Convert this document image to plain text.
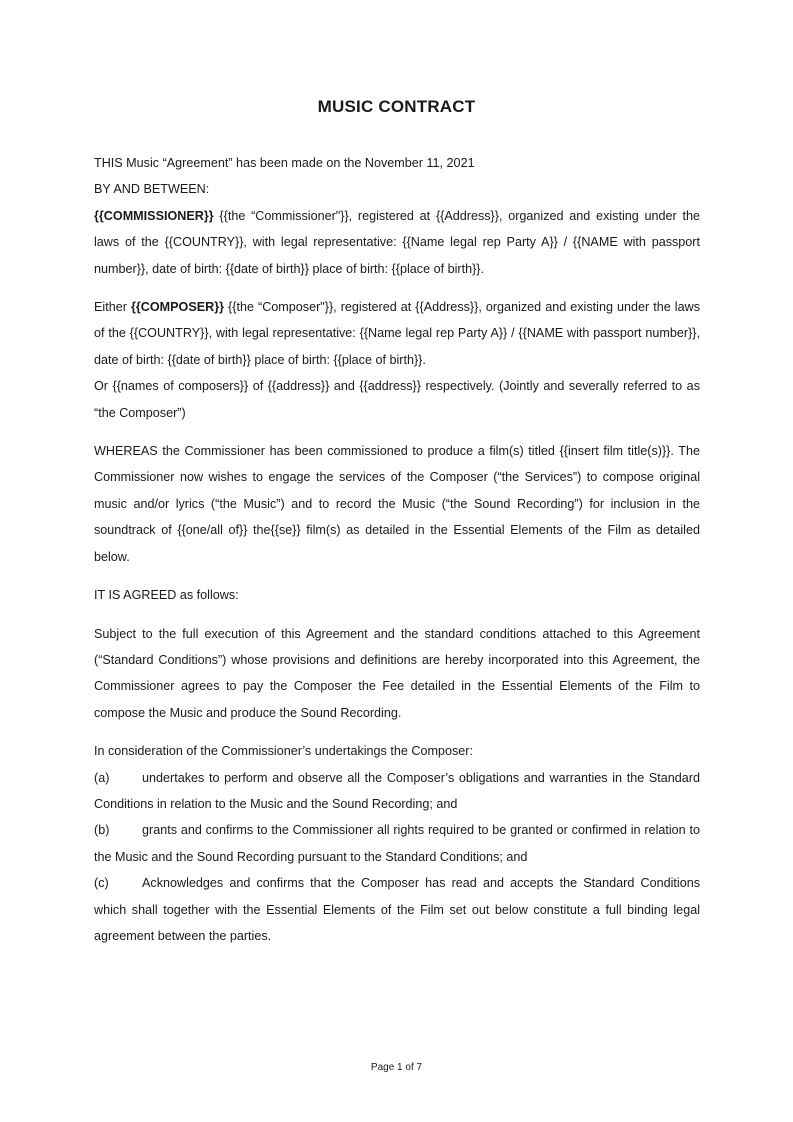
MUSIC CONTRACT

THIS Music “Agreement” has been made on the November 11, 2021

BY AND BETWEEN:

{{COMMISSIONER}} {{the “Commissioner"}}, registered at {{Address}}, organized and existing under the laws of the {{COUNTRY}}, with legal representative: {{Name legal rep Party A}} / {{NAME with passport number}}, date of birth: {{date of birth}} place of birth: {{place of birth}}.

Either {{COMPOSER}} {{the “Composer"}}, registered at {{Address}}, organized and existing under the laws of the {{COUNTRY}}, with legal representative: {{Name legal rep Party A}} / {{NAME with passport number}}, date of birth: {{date of birth}} place of birth: {{place of birth}}.

Or {{names of composers}} of {{address}} and {{address}} respectively. (Jointly and severally referred to as “the Composer”)

WHEREAS the Commissioner has been commissioned to produce a film(s) titled {{insert film title(s)}}. The Commissioner now wishes to engage the services of the Composer (“the Services”) to compose original music and/or lyrics (“the Music”) and to record the Music (“the Sound Recording”) for inclusion in the soundtrack of {{one/all of}} the{{se}} film(s) as detailed in the Essential Elements of the Film as detailed below.

IT IS AGREED as follows:

Subject to the full execution of this Agreement and the standard conditions attached to this Agreement (“Standard Conditions”) whose provisions and definitions are hereby incorporated into this Agreement, the Commissioner agrees to pay the Composer the Fee detailed in the Essential Elements of the Film to compose the Music and produce the Sound Recording.

In consideration of the Commissioner’s undertakings the Composer:

(a)	undertakes to perform and observe all the Composer’s obligations and warranties in the Standard Conditions in relation to the Music and the Sound Recording; and

(b)	grants and confirms to the Commissioner all rights required to be granted or confirmed in relation to the Music and the Sound Recording pursuant to the Standard Conditions; and

(c)	Acknowledges and confirms that the Composer has read and accepts the Standard Conditions which shall together with the Essential Elements of the Film set out below constitute a full binding legal agreement between the parties.

Page 1 of 7
